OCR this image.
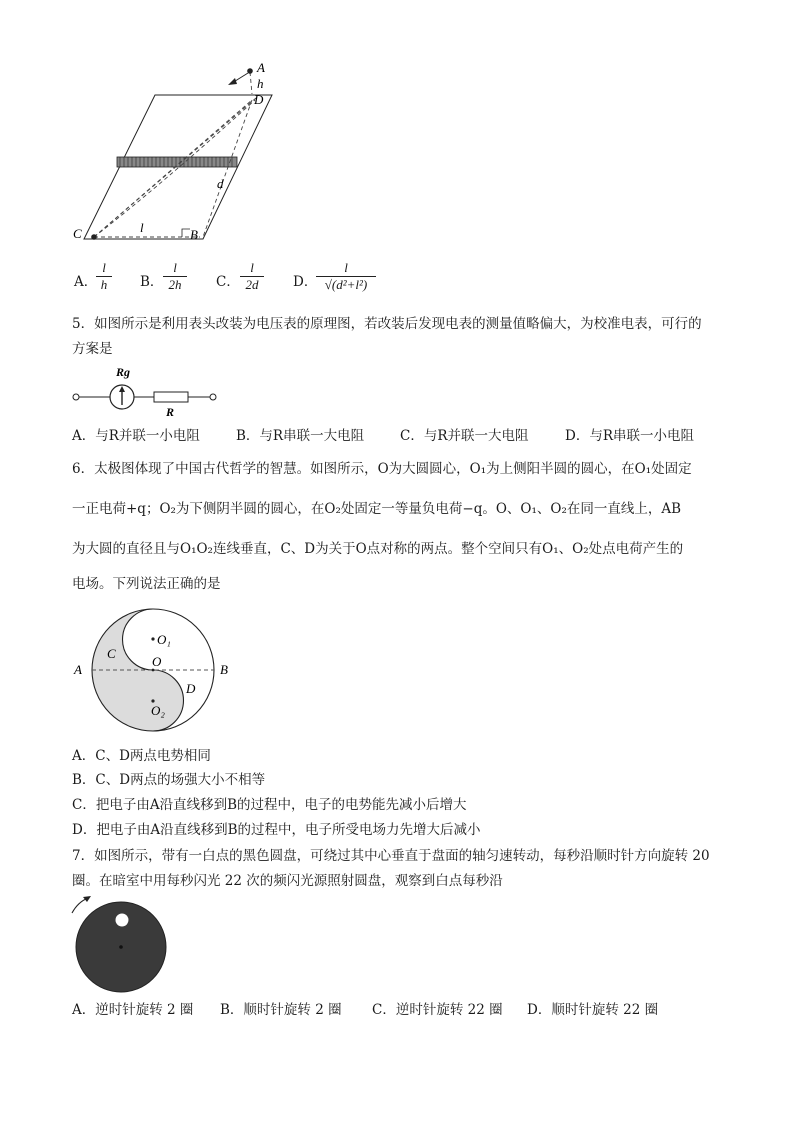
A
h
D
d
C	l	B
A．
$\frac{l}{h}$ B． $\frac{l}{2h}$ C． $\frac{l}{2d}$ D．
$\frac{l}{\text{√(d²+l²)}}$
5．如图所示是利用表头改装为电压表的原理图，若改装后发现电表的测量值略偏大，为校准电表，可行的
方案是
Rg
R
A．与R并联一小电阻	B．与R串联一大电阻	C．与R并联一大电阻	D．与R串联一小电阻
6．太极图体现了中国古代哲学的智慧。如图所示，O为大圆圆心，O₁为上侧阳半圆的圆心，在O₁处固定
一正电荷+q；O₂为下侧阴半圆的圆心，在O₂处固定一等量负电荷−q。O、O₁、O₂在同一直线上，AB
为大圆的直径且与O₁O₂连线垂直，C、D为关于O点对称的两点。整个空间只有O₁、O₂处点电荷产生的
电场。下列说法正确的是
O₁
C
O
A	B
D
O₂
A．C、D两点电势相同
B．C、D两点的场强大小不相等
C．把电子由A沿直线移到B的过程中，电子的电势能先减小后增大
D．把电子由A沿直线移到B的过程中，电子所受电场力先增大后减小
7．如图所示，带有一白点的黑色圆盘，可绕过其中心垂直于盘面的轴匀速转动，每秒沿顺时针方向旋转 20
圈。在暗室中用每秒闪光 22 次的频闪光源照射圆盘，观察到白点每秒沿
A．逆时针旋转 2 圈 B．顺时针旋转 2 圈 C．逆时针旋转 22 圈 D．顺时针旋转 22 圈
